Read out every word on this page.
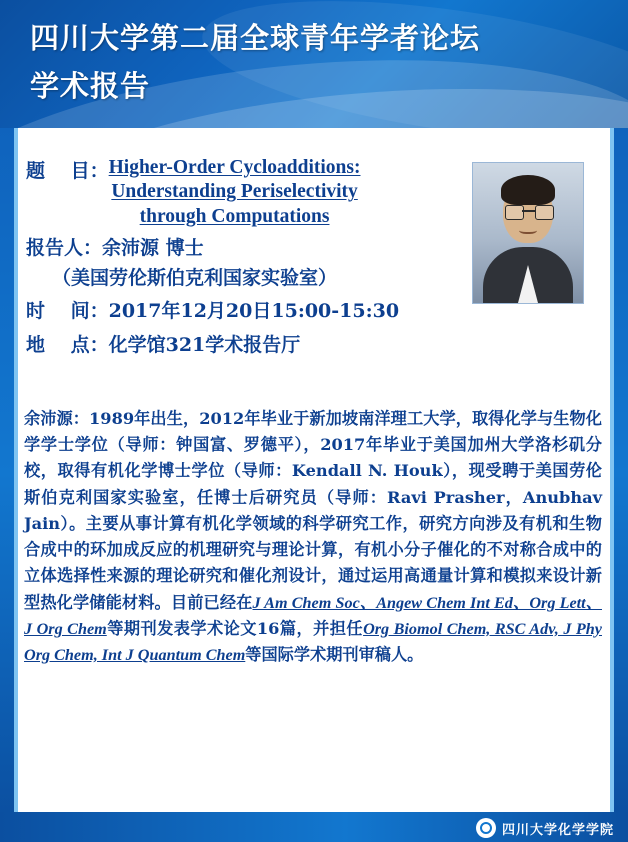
四川大学第二届全球青年学者论坛
学术报告
题　 目： Higher-Order Cycloadditions:
Understanding Periselectivity
through Computations
报告人：余沛源 博士
（美国劳伦斯伯克利国家实验室）
时　 间：2017年12月20日15:00-15:30
地　 点：化学馆321学术报告厅
余沛源：1989年出生，2012年毕业于新加坡南洋理工大学，取得化学与生物化学学士学位（导师：钟国富、罗德平），2017年毕业于美国加州大学洛杉矶分校，取得有机化学博士学位（导师：Kendall N. Houk），现受聘于美国劳伦斯伯克利国家实验室，任博士后研究员（导师：Ravi Prasher，Anubhav Jain）。主要从事计算有机化学领域的科学研究工作，研究方向涉及有机和生物合成中的环加成反应的机理研究与理论计算，有机小分子催化的不对称合成中的立体选择性来源的理论研究和催化剂设计，通过运用高通量计算和模拟来设计新型热化学储能材料。目前已经在J Am Chem Soc、Angew Chem Int Ed、Org Lett、J Org Chem等期刊发表学术论文16篇，并担任Org Biomol Chem, RSC Adv, J Phy Org Chem, Int J Quantum Chem等国际学术期刊审稿人。
四川大学化学学院
